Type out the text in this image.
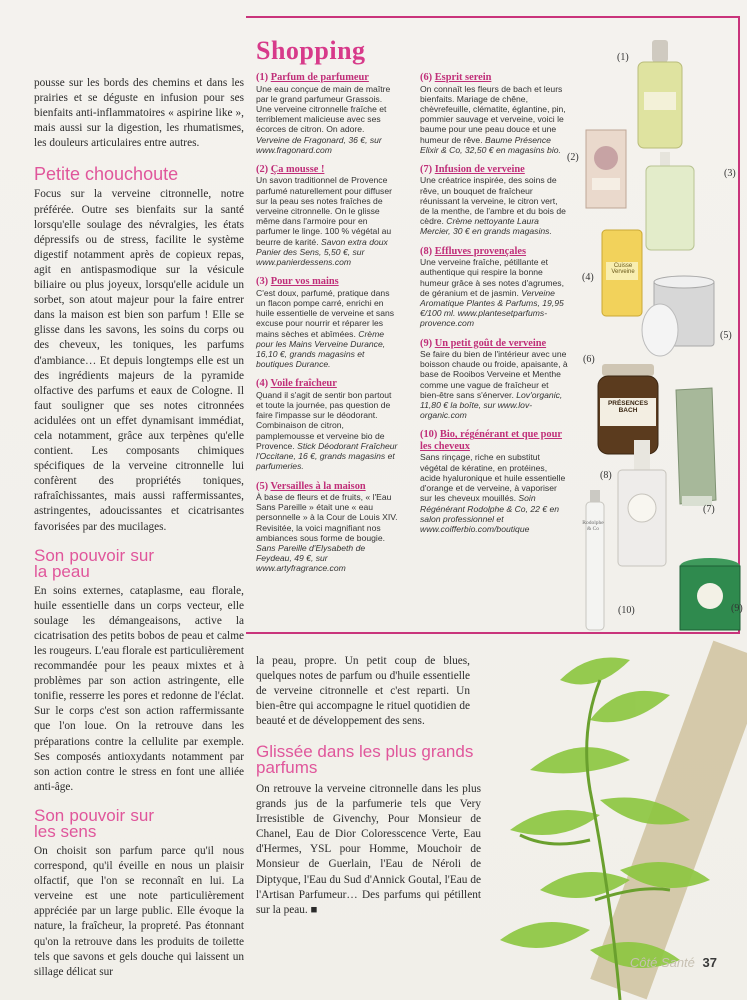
pousse sur les bords des chemins et dans les prairies et se déguste en infusion pour ses bienfaits anti-inflammatoires « aspirine like », mais aussi sur la digestion, les rhumatismes, les douleurs articulaires entre autres.

Petite chouchoute

Focus sur la verveine citronnelle, notre préférée. Outre ses bienfaits sur la santé lorsqu'elle soulage des névralgies, les états dépressifs ou de stress, facilite le système digestif notamment après de copieux repas, agit en antispasmodique sur la vésicule biliaire ou plus joyeux, lorsqu'elle acidule un sorbet, son atout majeur pour la faire entrer dans la maison est bien son parfum ! Elle se glisse dans les savons, les soins du corps ou des cheveux, les toniques, les parfums d'ambiance… Et depuis longtemps elle est un des ingrédients majeurs de la pyramide olfactive des parfums et eaux de Cologne. Il faut souligner que ses notes citronnées acidulées ont un effet dynamisant immédiat, cela notamment, grâce aux terpènes qu'elle contient. Les composants chimiques spécifiques de la verveine citronnelle lui confèrent des propriétés toniques, rafraîchissantes, mais aussi raffermissantes, astringentes, adoucissantes et cicatrisantes favorisées par des mucilages.

Son pouvoir sur la peau

En soins externes, cataplasme, eau florale, huile essentielle dans un corps vecteur, elle soulage les démangeaisons, active la cicatrisation des petits bobos de peau et calme les rougeurs. L'eau florale est particulièrement recommandée pour les peaux mixtes et à problèmes par son action astringente, elle tonifie, resserre les pores et redonne de l'éclat. Sur le corps c'est son action raffermissante que l'on loue. On la retrouve dans les préparations contre la cellulite par exemple. Ses composés antioxydants notamment par son action contre le stress en font une alliée anti-âge.

Son pouvoir sur les sens

On choisit son parfum parce qu'il nous correspond, qu'il éveille en nous un plaisir olfactif, que l'on se reconnaît en lui. La verveine est une note particulièrement appréciée par un large public. Elle évoque la nature, la fraîcheur, la propreté. Pas étonnant qu'on la retrouve dans les produits de toilette tels que savons et gels douche qui laissent un sillage délicat sur

Shopping
(1) Parfum de parfumeur
Une eau conçue de main de maître par le grand parfumeur Grassois. Une verveine citronnelle fraîche et terriblement malicieuse avec ses écorces de citron. On adore. Verveine de Fragonard, 36 €, sur www.fragonard.com
(2) Ça mousse !
Un savon traditionnel de Provence parfumé naturellement pour diffuser sur la peau ses notes fraîches de verveine citronnelle. On le glisse même dans l'armoire pour en parfumer le linge. 100 % végétal au beurre de karité. Savon extra doux Panier des Sens, 5,50 €, sur www.panierdessens.com
(3) Pour vos mains
C'est doux, parfumé, pratique dans un flacon pompe carré, enrichi en huile essentielle de verveine et sans excuse pour nourrir et réparer les mains sèches et abîmées. Crème pour les Mains Verveine Durance, 16,10 €, grands magasins et boutiques Durance.
(4) Voile fraîcheur
Quand il s'agit de sentir bon partout et toute la journée, pas question de faire l'impasse sur le déodorant. Combinaison de citron, pamplemousse et verveine bio de Provence. Stick Déodorant Fraîcheur l'Occitane, 16 €, grands magasins et parfumeries.
(5) Versailles à la maison
À base de fleurs et de fruits, « l'Eau Sans Pareille » était une « eau personnelle » à la Cour de Louis XIV. Revisitée, la voici magnifiant nos ambiances sous forme de bougie. Sans Pareille d'Elysabeth de Feydeau, 49 €, sur www.artyfragrance.com
(6) Esprit serein
On connaît les fleurs de bach et leurs bienfaits. Mariage de chêne, chèvrefeuille, clématite, églantine, pin, pommier sauvage et verveine, voici le baume pour une peau douce et une humeur de rêve. Baume Présence Elixir & Co, 32,50 € en magasins bio.
(7) Infusion de verveine
Une créatrice inspirée, des soins de rêve, un bouquet de fraîcheur réunissant la verveine, le citron vert, de la menthe, de l'ambre et du bois de cèdre. Crème nettoyante Laura Mercier, 30 € en grands magasins.
(8) Effluves provençales
Une verveine fraîche, pétillante et authentique qui respire la bonne humeur grâce à ses notes d'agrumes, de géranium et de jasmin. Verveine Aromatique Plantes & Parfums, 19,95 €/100 ml. www.plantesetparfums-provence.com
(9) Un petit goût de verveine
Se faire du bien de l'intérieur avec une boisson chaude ou froide, apaisante, à base de Rooibos Verveine et Menthe comme une vague de fraîcheur et bien-être sans s'énerver. Lov'organic, 11,80 € la boîte, sur www.lov-organic.com
(10) Bio, régénérant et que pour les cheveux
Sans rinçage, riche en substitut végétal de kératine, en protéines, acide hyaluronique et huile essentielle d'orange et de verveine, à vaporiser sur les cheveux mouillés. Soin Régénérant Rodolphe & Co, 22 € en salon professionnel et www.coifferbio.com/boutique
(1)
(2)
(3)
(4)
(5)
(6)
(7)
(8)
(9)
(10)
Cuisse Verveine
PRÉSENCES BACH
Rodolphe & Co

la peau, propre. Un petit coup de blues, quelques notes de parfum ou d'huile essentielle de verveine citronnelle et c'est reparti. Un bien-être qui accompagne le rituel quotidien de beauté et de développement des sens.

Glissée dans les plus grands parfums
On retrouve la verveine citronnelle dans les plus grands jus de la parfumerie tels que Very Irresistible de Givenchy, Pour Monsieur de Chanel, Eau de Dior Coloresscence Verte, Eau d'Hermes, YSL pour Homme, Mouchoir de Monsieur de Guerlain, l'Eau de Néroli de Diptyque, l'Eau du Sud d'Annick Goutal, l'Eau de l'Artisan Parfumeur… Des parfums qui pétillent sur la peau. ■
Côté Santé 37
